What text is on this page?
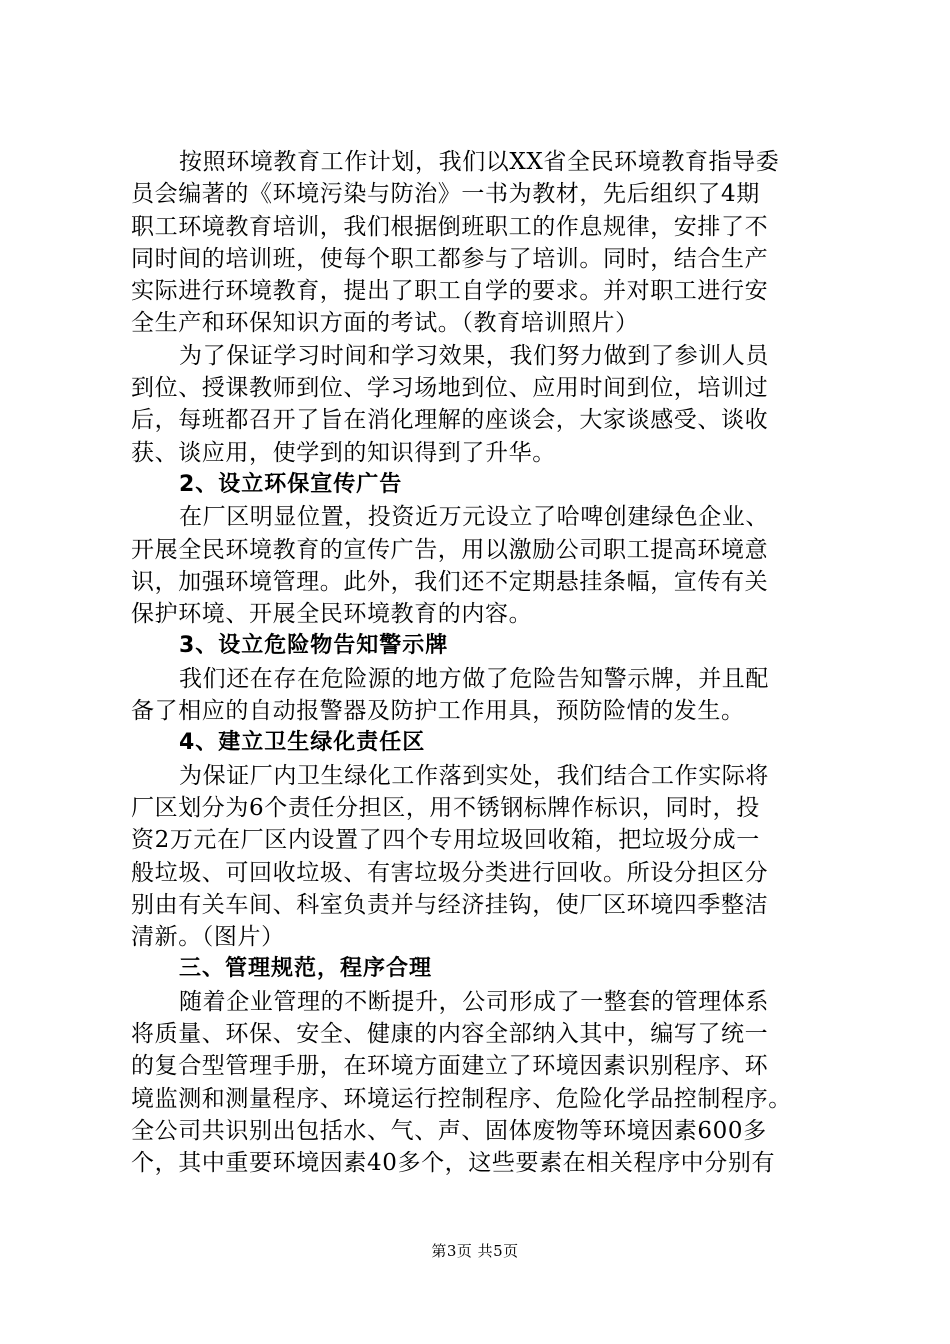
按照环境教育工作计划，我们以XX省全民环境教育指导委
员会编著的《环境污染与防治》一书为教材，先后组织了4期
职工环境教育培训，我们根据倒班职工的作息规律，安排了不
同时间的培训班，使每个职工都参与了培训。同时，结合生产
实际进行环境教育，提出了职工自学的要求。并对职工进行安
全生产和环保知识方面的考试。（教育培训照片）
为了保证学习时间和学习效果，我们努力做到了参训人员
到位、授课教师到位、学习场地到位、应用时间到位，培训过
后，每班都召开了旨在消化理解的座谈会，大家谈感受、谈收
获、谈应用，使学到的知识得到了升华。
2、设立环保宣传广告
在厂区明显位置，投资近万元设立了哈啤创建绿色企业、
开展全民环境教育的宣传广告，用以激励公司职工提高环境意
识，加强环境管理。此外，我们还不定期悬挂条幅，宣传有关
保护环境、开展全民环境教育的内容。
3、设立危险物告知警示牌
我们还在存在危险源的地方做了危险告知警示牌，并且配
备了相应的自动报警器及防护工作用具，预防险情的发生。
4、建立卫生绿化责任区
为保证厂内卫生绿化工作落到实处，我们结合工作实际将
厂区划分为6个责任分担区，用不锈钢标牌作标识，同时，投
资2万元在厂区内设置了四个专用垃圾回收箱，把垃圾分成一
般垃圾、可回收垃圾、有害垃圾分类进行回收。所设分担区分
别由有关车间、科室负责并与经济挂钩，使厂区环境四季整洁
清新。（图片）
三、管理规范，程序合理
随着企业管理的不断提升，公司形成了一整套的管理体系
将质量、环保、安全、健康的内容全部纳入其中，编写了统一
的复合型管理手册，在环境方面建立了环境因素识别程序、环
境监测和测量程序、环境运行控制程序、危险化学品控制程序。
全公司共识别出包括水、气、声、固体废物等环境因素600多
个，其中重要环境因素40多个，这些要素在相关程序中分别有
第3页 共5页
